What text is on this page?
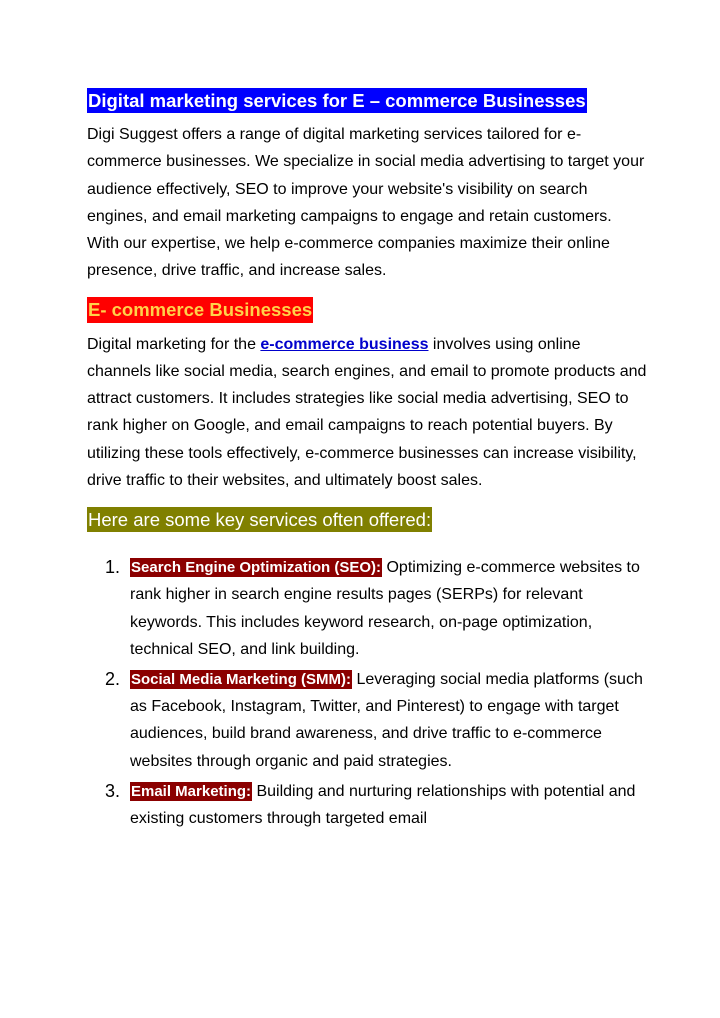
Digital marketing services for E – commerce Businesses

Digi Suggest offers a range of digital marketing services tailored for e-commerce businesses. We specialize in social media advertising to target your audience effectively, SEO to improve your website's visibility on search engines, and email marketing campaigns to engage and retain customers. With our expertise, we help e-commerce companies maximize their online presence, drive traffic, and increase sales.

E- commerce Businesses

Digital marketing for the e-commerce business involves using online channels like social media, search engines, and email to promote products and attract customers. It includes strategies like social media advertising, SEO to rank higher on Google, and email campaigns to reach potential buyers. By utilizing these tools effectively, e-commerce businesses can increase visibility, drive traffic to their websites, and ultimately boost sales.

Here are some key services often offered:
1. Search Engine Optimization (SEO): Optimizing e-commerce websites to rank higher in search engine results pages (SERPs) for relevant keywords. This includes keyword research, on-page optimization, technical SEO, and link building.
2. Social Media Marketing (SMM): Leveraging social media platforms (such as Facebook, Instagram, Twitter, and Pinterest) to engage with target audiences, build brand awareness, and drive traffic to e-commerce websites through organic and paid strategies.
3. Email Marketing: Building and nurturing relationships with potential and existing customers through targeted email
